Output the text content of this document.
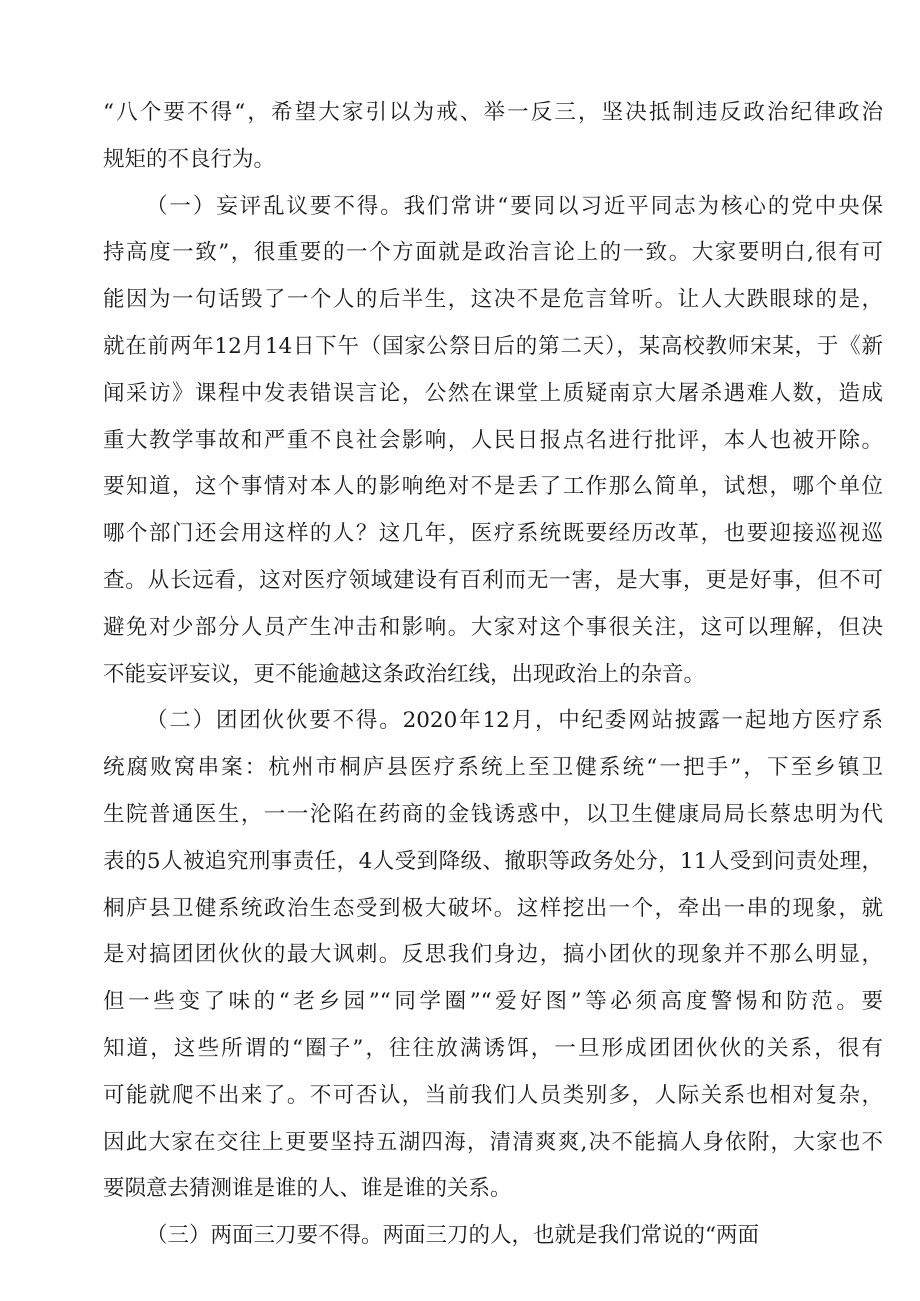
“八个要不得“，希望大家引以为戒、举一反三，坚决抵制违反政治纪律政治
规矩的不良行为。
（一）妄评乱议要不得。我们常讲“要同以习近平同志为核心的党中央保
持高度一致”，很重要的一个方面就是政治言论上的一致。大家要明白,很有可
能因为一句话毁了一个人的后半生，这决不是危言耸听。让人大跌眼球的是，
就在前两年12月14日下午（国家公祭日后的第二天），某高校教师宋某，于《新
闻采访》课程中发表错误言论，公然在课堂上质疑南京大屠杀遇难人数，造成
重大教学事故和严重不良社会影响，人民日报点名进行批评，本人也被开除。
要知道，这个事情对本人的影响绝对不是丢了工作那么简单，试想，哪个单位
哪个部门还会用这样的人？这几年，医疗系统既要经历改革，也要迎接巡视巡
查。从长远看，这对医疗领域建设有百利而无一害，是大事，更是好事，但不可
避免对少部分人员产生冲击和影响。大家对这个事很关注，这可以理解，但决
不能妄评妄议，更不能逾越这条政治红线，出现政治上的杂音。
（二）团团伙伙要不得。2020年12月，中纪委网站披露一起地方医疗系
统腐败窝串案：杭州市桐庐县医疗系统上至卫健系统“一把手”，下至乡镇卫
生院普通医生，一一沦陷在药商的金钱诱惑中，以卫生健康局局长蔡忠明为代
表的5人被追究刑事责任，4人受到降级、撤职等政务处分，11人受到问责处理，
桐庐县卫健系统政治生态受到极大破坏。这样挖出一个，牵出一串的现象，就
是对搞团团伙伙的最大讽刺。反思我们身边，搞小团伙的现象并不那么明显，
但一些变了味的“老乡园”“同学圈”“爱好图”等必须高度警惕和防范。要
知道，这些所谓的“圈子”，往往放满诱饵，一旦形成团团伙伙的关系，很有
可能就爬不出来了。不可否认，当前我们人员类别多，人际关系也相对复杂，
因此大家在交往上更要坚持五湖四海，清清爽爽,决不能搞人身依附，大家也不
要陨意去猜测谁是谁的人、谁是谁的关系。
（三）两面三刀要不得。两面三刀的人，也就是我们常说的“两面
